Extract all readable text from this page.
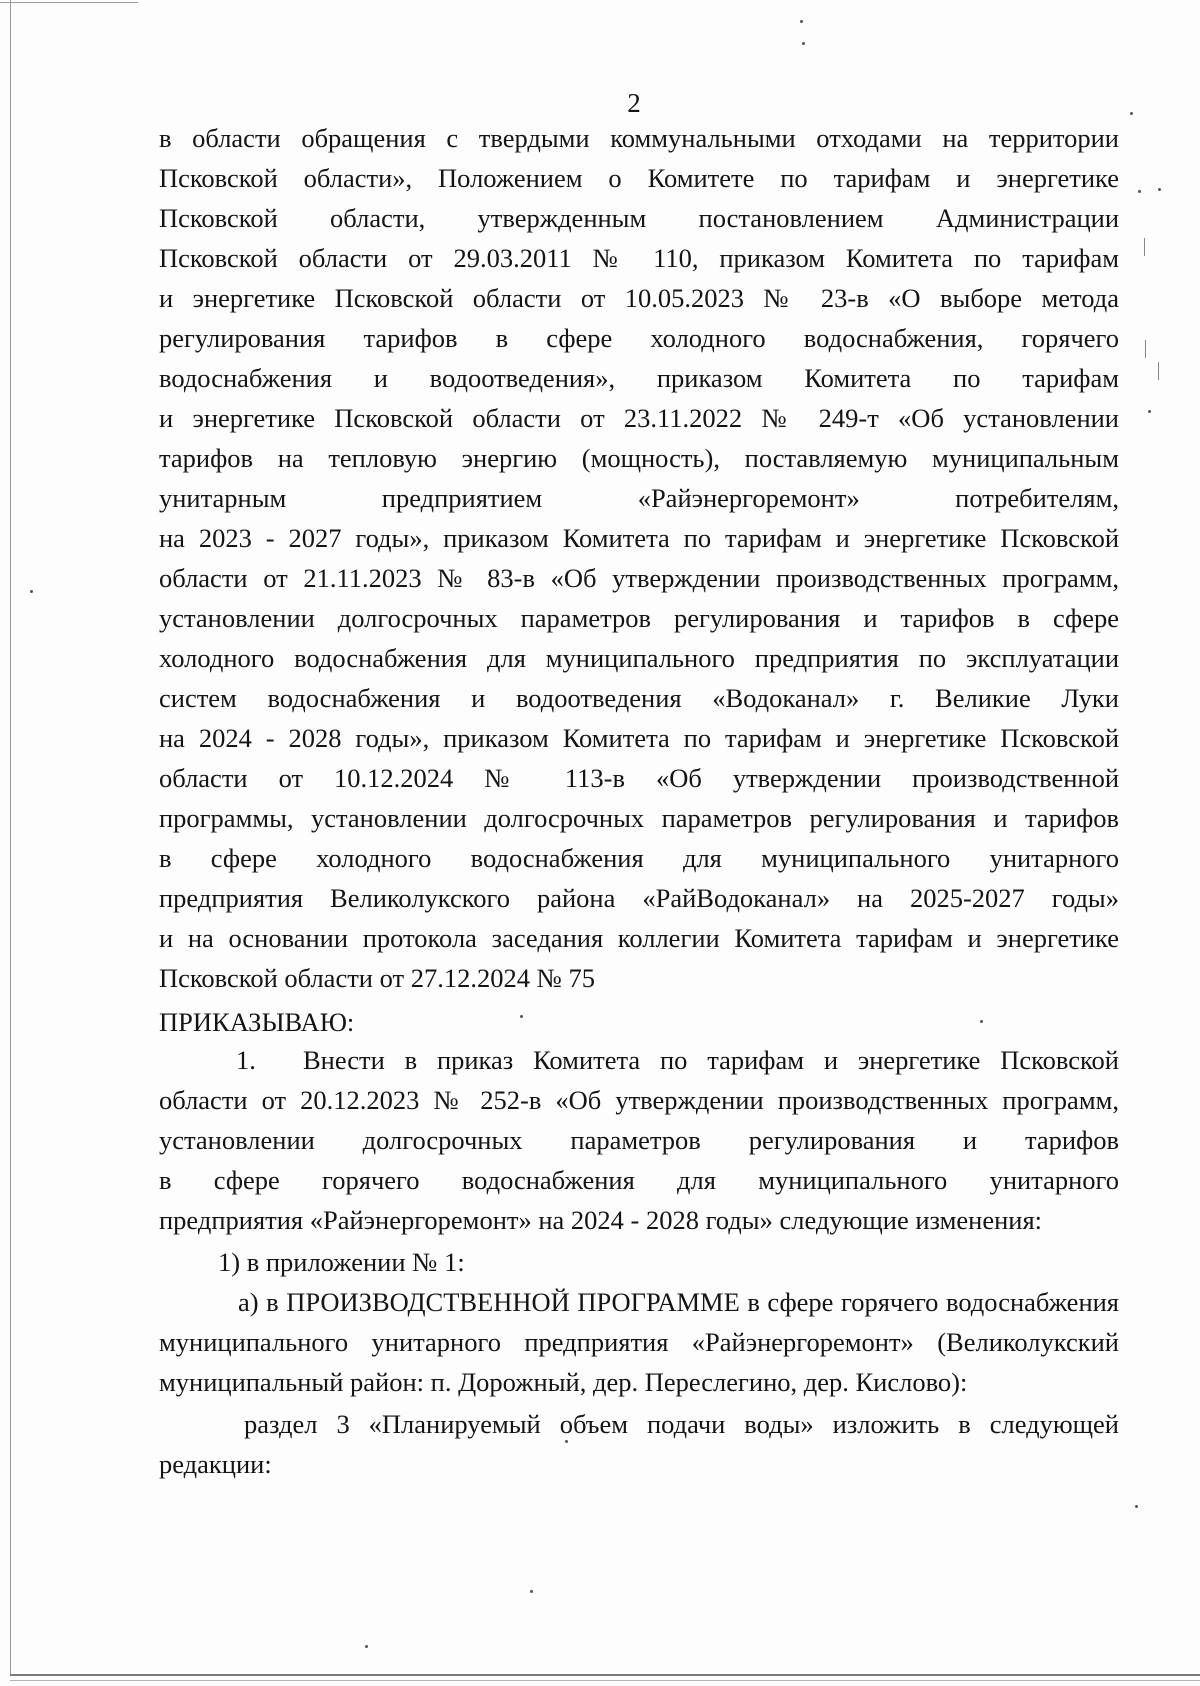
2
в области обращения с твердыми коммунальными отходами на территории
Псковской области», Положением о Комитете по тарифам и энергетике
Псковской области, утвержденным постановлением Администрации
Псковской области от 29.03.2011 № 110, приказом Комитета по тарифам
и энергетике Псковской области от 10.05.2023 № 23-в «О выборе метода
регулирования тарифов в сфере холодного водоснабжения, горячего
водоснабжения и водоотведения», приказом Комитета по тарифам
и энергетике Псковской области от 23.11.2022 № 249-т «Об установлении
тарифов на тепловую энергию (мощность), поставляемую муниципальным
унитарным предприятием «Райэнергоремонт» потребителям,
на 2023 - 2027 годы», приказом Комитета по тарифам и энергетике Псковской
области от 21.11.2023 № 83-в «Об утверждении производственных программ,
установлении долгосрочных параметров регулирования и тарифов в сфере
холодного водоснабжения для муниципального предприятия по эксплуатации
систем водоснабжения и водоотведения «Водоканал» г. Великие Луки
на 2024 - 2028 годы», приказом Комитета по тарифам и энергетике Псковской
области от 10.12.2024 № 113-в «Об утверждении производственной
программы, установлении долгосрочных параметров регулирования и тарифов
в сфере холодного водоснабжения для муниципального унитарного
предприятия Великолукского района «РайВодоканал» на 2025-2027 годы»
и на основании протокола заседания коллегии Комитета тарифам и энергетике
Псковской области от 27.12.2024 № 75
ПРИКАЗЫВАЮ:
1.	Внести в приказ Комитета по тарифам и энергетике Псковской
области от 20.12.2023 № 252-в «Об утверждении производственных программ,
установлении долгосрочных параметров регулирования и тарифов
в сфере горячего водоснабжения для муниципального унитарного
предприятия «Райэнергоремонт» на 2024 - 2028 годы» следующие изменения:
1) в приложении № 1:
а) в ПРОИЗВОДСТВЕННОЙ ПРОГРАММЕ в сфере горячего водоснабжения
муниципального унитарного предприятия «Райэнергоремонт» (Великолукский
муниципальный район: п. Дорожный, дер. Переслегино, дер. Кислово):
раздел 3 «Планируемый объем подачи воды» изложить в следующей
редакции:
